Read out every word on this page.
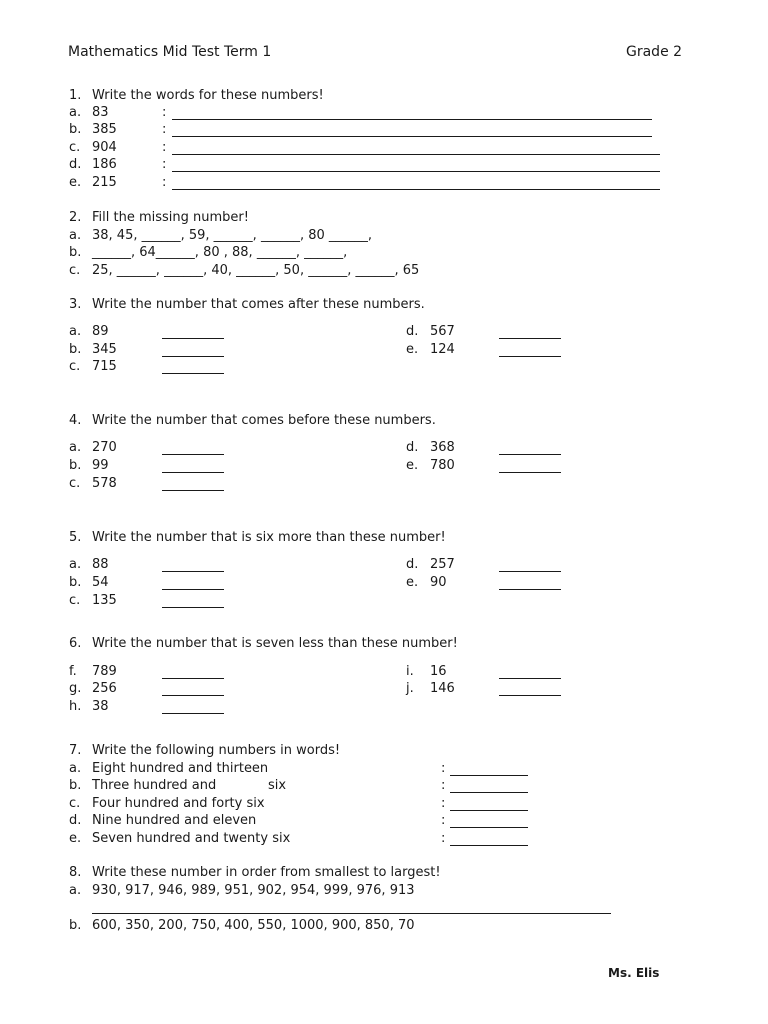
Mathematics Mid Test Term 1	Grade 2
1. Write the words for these numbers!
a. 83	:
b. 385	:
c. 904	:
d. 186	:
e. 215	:
2. Fill the missing number!
a. 38, 45, ______, 59, ______, ______, 80 ______,
b. ______, 64______, 80 , 88, ______, ______,
c. 25, ______, ______, 40, ______, 50, ______, ______, 65
3. Write the number that comes after these numbers.
a. 89
b. 345
c. 715
d. 567
e. 124
4. Write the number that comes before these numbers.
a. 270
b. 99
c. 578
d. 368
e. 780
5. Write the number that is six more than these number!
a. 88
b. 54
c. 135
d. 257
e. 90
6. Write the number that is seven less than these number!
f. 789
g. 256
h. 38
i. 16
j. 146
7. Write the following numbers in words!
a. Eight hundred and thirteen	:
b. Three hundred and	six	:
c. Four hundred and forty six	:
d. Nine hundred and eleven	:
e. Seven hundred and twenty six	:
8. Write these number in order from smallest to largest!
a. 930, 917, 946, 989, 951, 902, 954, 999, 976, 913
b. 600, 350, 200, 750, 400, 550, 1000, 900, 850, 70
Ms. Elis
